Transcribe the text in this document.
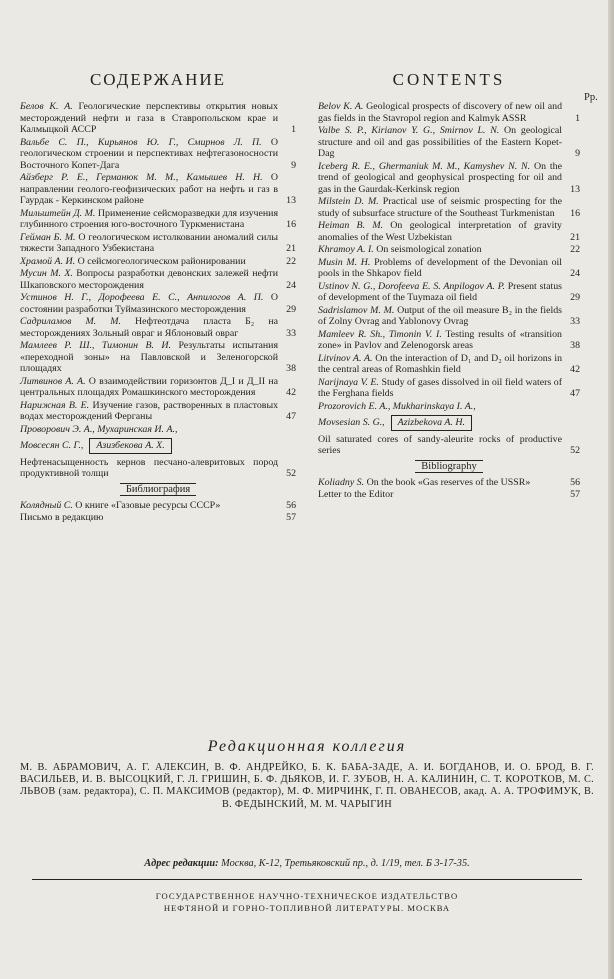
СОДЕРЖАНИЕ
Белов К. А. Геологические перспективы открытия новых месторождений нефти и газа в Ставропольском крае и Калмыцкой АССР	1
Вальбе С. П., Кирьянов Ю. Г., Смирнов Л. П. О геологическом строении и перспективах нефтегазоносности Восточного Копет-Дага	9
Айзберг Р. Е., Германюк М. М., Камышев Н. Н. О направлении геолого-геофизических работ на нефть и газ в Гаурдак - Керкинском районе	13
Мильштейн Д. М. Применение сейсморазведки для изучения глубинного строения юго-восточного Туркменистана	16
Гейман Б. М. О геологическом истолковании аномалий силы тяжести Западного Узбекистана	21
Храмой А. И. О сейсмогеологическом районировании	22
Мусин М. Х. Вопросы разработки девонских залежей нефти Шкаповского месторождения	24
Устинов Н. Г., Дорофеева Е. С., Анпилогов А. П. О состоянии разработки Туймазинского месторождения	29
Садриламов М. М. Нефтеотдача пласта Б₂ на месторождениях Зольный овраг и Яблоновый овраг	33
Мамлеев Р. Ш., Тимонин В. И. Результаты испытания «переходной зоны» на Павловской и Зеленогорской площадях	38
Литвинов А. А. О взаимодействии горизонтов Д_I и Д_II на центральных площадях Ромашкинского месторождения	42
Нарижная В. Е. Изучение газов, растворенных в пластовых водах месторождений Ферганы	47
Проворович Э. А., Мухаринская И. А.,
Мовсесян С. Г.,	Азизбекова А. Х.
Нефтенасыщенность кернов песчано-алевритовых пород продуктивной толщи	52
Библиография
Колядный С. О книге «Газовые ресурсы СССР»	56
Письмо в редакцию	57
Pp.
CONTENTS
Belov K. A. Geological prospects of discovery of new oil and gas fields in the Stavropol region and Kalmyk ASSR	1
Valbe S. P., Kirianov Y. G., Smirnov L. N. On geological structure and oil and gas possibilities of the Eastern Kopet-Dag	9
Iceberg R. E., Ghermaniuk M. M., Kamyshev N. N. On the trend of geological and geophysical prospecting for oil and gas in the Gaurdak-Kerkinsk region	13
Milstein D. M. Practical use of seismic prospecting for the study of subsurface structure of the Southeast Turkmenistan	16
Heiman B. M. On geological interpretation of gravity anomalies of the West Uzbekistan	21
Khramoy A. I. On seismological zonation	22
Musin M. H. Problems of development of the Devonian oil pools in the Shkapov field	24
Ustinov N. G., Dorofeeva E. S. Anpilogov A. P. Present status of development of the Tuymaza oil field	29
Sadrislamov M. M. Output of the oil measure B₂ in the fields of Zolny Ovrag and Yablonovy Ovrag	33
Mamleev R. Sh., Timonin V. I. Testing results of «transition zone» in Pavlov and Zelenogorsk areas	38
Litvinov A. A. On the interaction of D₁ and D₂ oil horizons in the central areas of Romashkin field	42
Narijnaya V. E. Study of gases dissolved in oil field waters of the Ferghana fields	47
Prozorovich E. A., Mukharinskaya I. A.,
Movsesian S. G.,	Azizbekova A. H.
Oil saturated cores of sandy-aleurite rocks of productive series	52
Bibliography
Koliadny S. On the book «Gas reserves of the USSR»	56
Letter to the Editor	57
Редакционная коллегия
М. В. АБРАМОВИЧ, А. Г. АЛЕКСИН, В. Ф. АНДРЕЙКО, Б. К. БАБА-ЗАДЕ, А. И. БОГДАНОВ, И. О. БРОД, В. Г. ВАСИЛЬЕВ, И. В. ВЫСОЦКИЙ, Г. Л. ГРИШИН, Б. Ф. ДЬЯКОВ, И. Г. ЗУБОВ, Н. А. КАЛИНИН, С. Т. КОРОТКОВ, М. С. ЛЬВОВ (зам. редактора), С. П. МАКСИМОВ (редактор), М. Ф. МИРЧИНК, Г. П. ОВАНЕСОВ, акад. А. А. ТРОФИМУК, В. В. ФЕДЫНСКИЙ, М. М. ЧАРЫГИН
Адрес редакции: Москва, К-12, Третьяковский пр., д. 1/19, тел. Б 3-17-35.
ГОСУДАРСТВЕННОЕ НАУЧНО-ТЕХНИЧЕСКОЕ ИЗДАТЕЛЬСТВО
НЕФТЯНОЙ И ГОРНО-ТОПЛИВНОЙ ЛИТЕРАТУРЫ. МОСКВА
